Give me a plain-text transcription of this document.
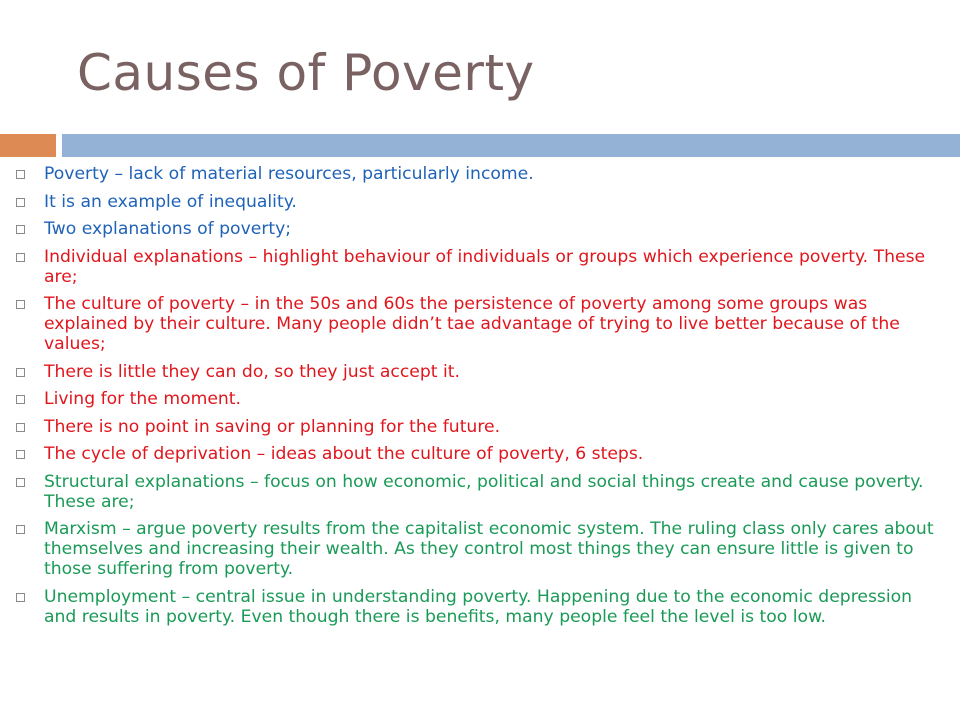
Causes of Poverty
Poverty – lack of material resources, particularly income.
It is an example of inequality.
Two explanations of poverty;
Individual explanations – highlight behaviour of individuals or groups which experience poverty. These are;
The culture of poverty – in the 50s and 60s the persistence of poverty among some groups was explained by their culture. Many people didn’t tae advantage of trying to live better because of the values;
There is little they can do, so they just accept it.
Living for the moment.
There is no point in saving or planning for the future.
The cycle of deprivation – ideas about the culture of poverty, 6 steps.
Structural explanations – focus on how economic, political and social things create and cause poverty. These are;
Marxism – argue poverty results from the capitalist economic system. The ruling class only cares about themselves and increasing their wealth. As they control most things they can ensure little is given to those suffering from poverty.
Unemployment – central issue in understanding poverty. Happening due to the economic depression and results in poverty. Even though there is benefits, many people feel the level is too low.
